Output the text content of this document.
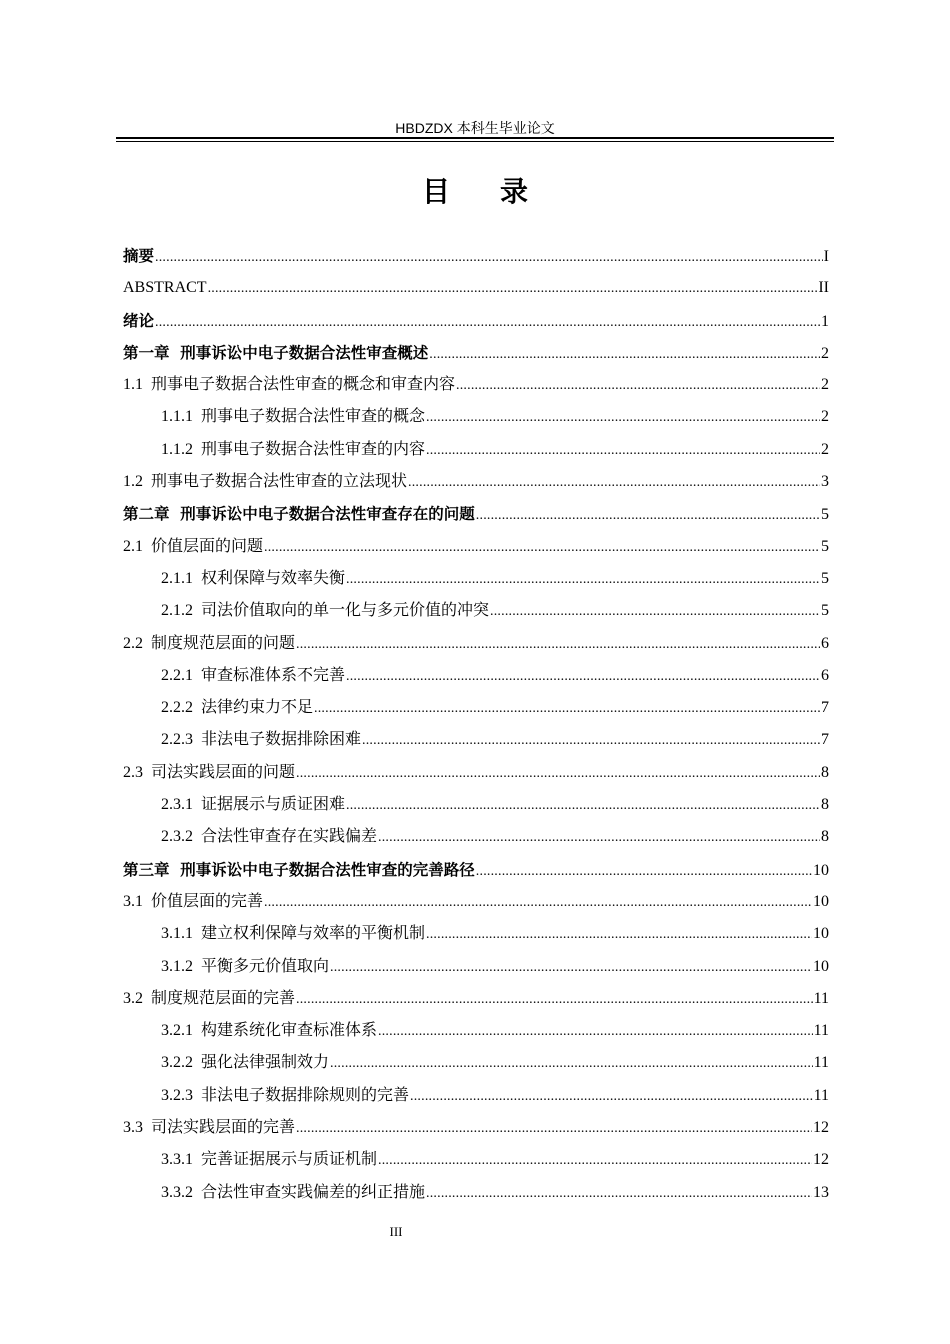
HBDZDX 本科生毕业论文
目录
摘要 .....	I
ABSTRACT .....	II
绪论 .....	1
第一章  刑事诉讼中电子数据合法性审查概述 .....	2
1.1  刑事电子数据合法性审查的概念和审查内容 .....	2
1.1.1  刑事电子数据合法性审查的概念 .....	2
1.1.2  刑事电子数据合法性审查的内容 .....	2
1.2  刑事电子数据合法性审查的立法现状 .....	3
第二章  刑事诉讼中电子数据合法性审查存在的问题 .....	5
2.1  价值层面的问题 .....	5
2.1.1  权利保障与效率失衡 .....	5
2.1.2  司法价值取向的单一化与多元价值的冲突 .....	5
2.2  制度规范层面的问题 .....	6
2.2.1  审查标准体系不完善 .....	6
2.2.2  法律约束力不足 .....	7
2.2.3  非法电子数据排除困难 .....	7
2.3  司法实践层面的问题 .....	8
2.3.1  证据展示与质证困难 .....	8
2.3.2  合法性审查存在实践偏差 .....	8
第三章  刑事诉讼中电子数据合法性审查的完善路径 .....	10
3.1  价值层面的完善 .....	10
3.1.1  建立权利保障与效率的平衡机制 .....	10
3.1.2  平衡多元价值取向 .....	10
3.2  制度规范层面的完善 .....	11
3.2.1  构建系统化审查标准体系 .....	11
3.2.2  强化法律强制效力 .....	11
3.2.3  非法电子数据排除规则的完善 .....	11
3.3  司法实践层面的完善 .....	12
3.3.1  完善证据展示与质证机制 .....	12
3.3.2  合法性审查实践偏差的纠正措施 .....	13
III
